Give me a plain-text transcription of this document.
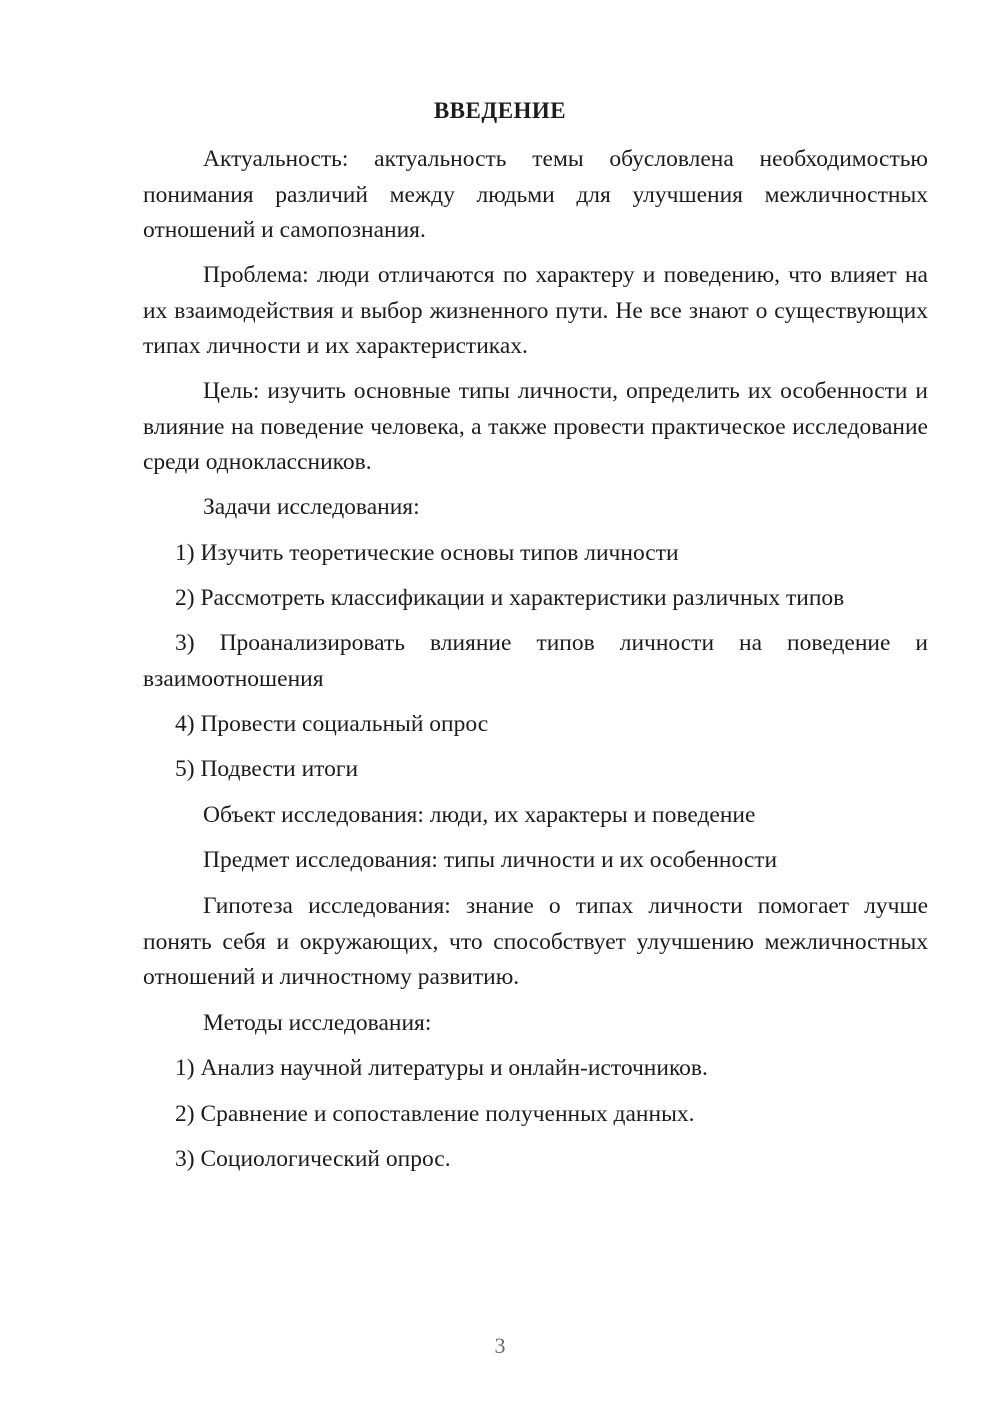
ВВЕДЕНИЕ

Актуальность: актуальность темы обусловлена необходимостью понимания различий между людьми для улучшения межличностных отношений и самопознания.

Проблема: люди отличаются по характеру и поведению, что влияет на их взаимодействия и выбор жизненного пути. Не все знают о существующих типах личности и их характеристиках.

Цель: изучить основные типы личности, определить их особенности и влияние на поведение человека, а также провести практическое исследование среди одноклассников.

Задачи исследования:

1) Изучить теоретические основы типов личности

2) Рассмотреть классификации и характеристики различных типов

3) Проанализировать влияние типов личности на поведение и взаимоотношения

4) Провести социальный опрос

5) Подвести итоги

Объект исследования: люди, их характеры и поведение

Предмет исследования: типы личности и их особенности

Гипотеза исследования: знание о типах личности помогает лучше понять себя и окружающих, что способствует улучшению межличностных отношений и личностному развитию.

Методы исследования:

1) Анализ научной литературы и онлайн-источников.

2) Сравнение и сопоставление полученных данных.

3) Социологический опрос.

3
